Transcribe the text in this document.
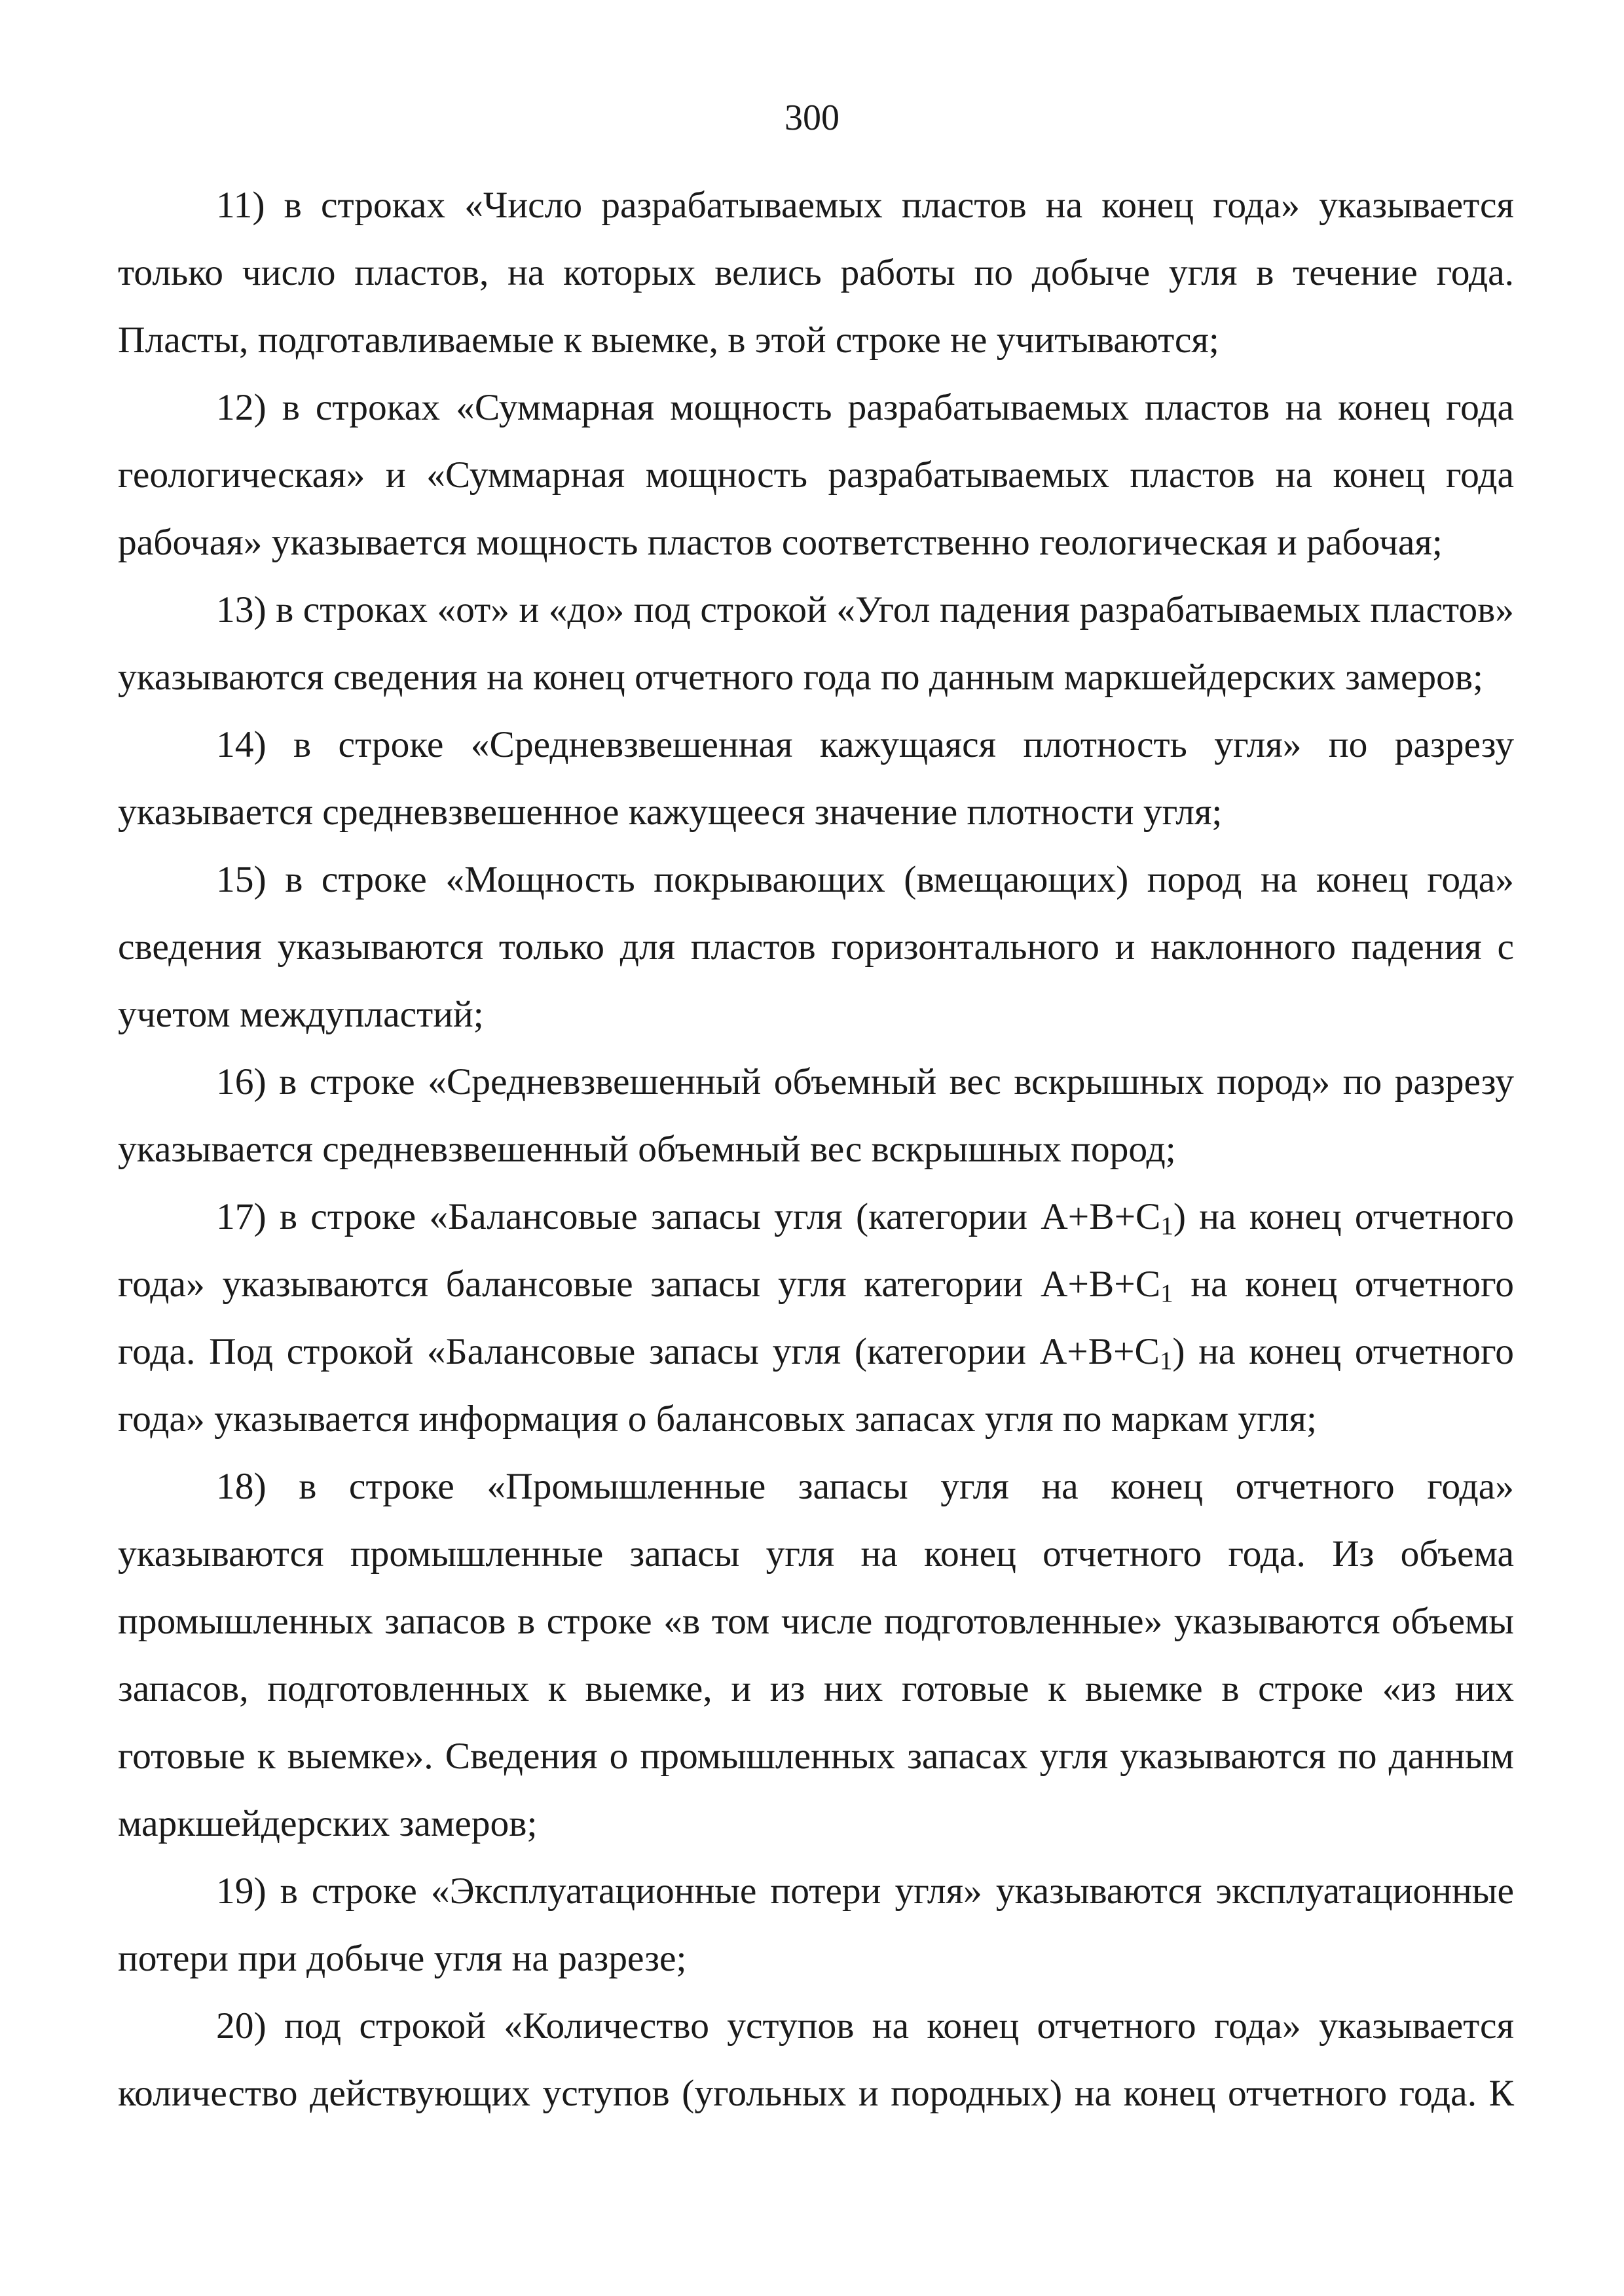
300

11) в строках «Число разрабатываемых пластов на конец года» указывается только число пластов, на которых велись работы по добыче угля в течение года. Пласты, подготавливаемые к выемке, в этой строке не учитываются;

12) в строках «Суммарная мощность разрабатываемых пластов на конец года геологическая» и «Суммарная мощность разрабатываемых пластов на конец года рабочая» указывается мощность пластов соответственно геологическая и рабочая;

13) в строках «от» и «до» под строкой «Угол падения разрабатываемых пластов» указываются сведения на конец отчетного года по данным маркшейдерских замеров;

14) в строке «Средневзвешенная кажущаяся плотность угля» по разрезу указывается средневзвешенное кажущееся значение плотности угля;

15) в строке «Мощность покрывающих (вмещающих) пород на конец года» сведения указываются только для пластов горизонтального и наклонного падения с учетом междупластий;

16) в строке «Средневзвешенный объемный вес вскрышных пород» по разрезу указывается средневзвешенный объемный вес вскрышных пород;

17) в строке «Балансовые запасы угля (категории $А+В+С_1$) на конец отчетного года» указываются балансовые запасы угля категории $А+В+С_1$ на конец отчетного года. Под строкой «Балансовые запасы угля (категории $А+В+С_1$) на конец отчетного года» указывается информация о балансовых запасах угля по маркам угля;

18) в строке «Промышленные запасы угля на конец отчетного года» указываются промышленные запасы угля на конец отчетного года. Из объема промышленных запасов в строке «в том числе подготовленные» указываются объемы запасов, подготовленных к выемке, и из них готовые к выемке в строке «из них готовые к выемке». Сведения о промышленных запасах угля указываются по данным маркшейдерских замеров;

19) в строке «Эксплуатационные потери угля» указываются эксплуатационные потери при добыче угля на разрезе;

20) под строкой «Количество уступов на конец отчетного года» указывается количество действующих уступов (угольных и породных) на конец отчетного года. К
